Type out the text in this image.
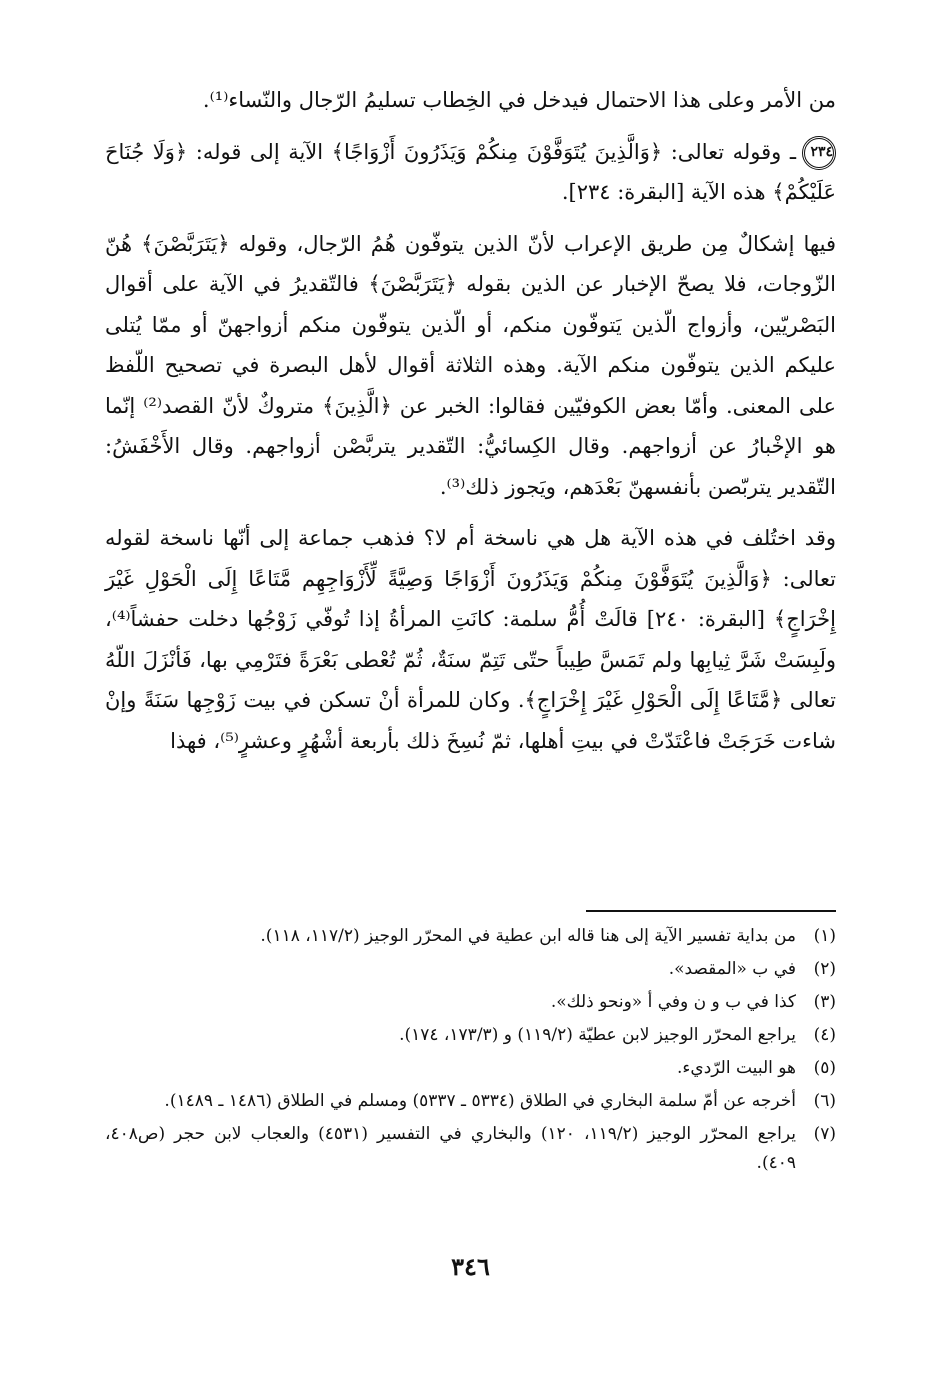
من الأمر وعلى هذا الاحتمال فيدخل في الخِطاب تسليمُ الرّجال والنّساء⁽¹⁾.

٢٣٤ـ وقوله تعالى: ﴿وَالَّذِينَ يُتَوَفَّوْنَ مِنكُمْ وَيَذَرُونَ أَزْوَاجًا﴾ الآية إلى قوله: ﴿وَلَا جُنَاحَ عَلَيْكُمْ﴾ هذه الآية [البقرة: ٢٣٤].

فيها إشكالٌ مِن طريق الإعراب لأنّ الذين يتوفّون هُمُ الرّجال، وقوله ﴿يَتَرَبَّصْنَ﴾ هُنّ الزّوجات، فلا يصحّ الإخبار عن الذين بقوله ﴿يَتَرَبَّصْنَ﴾ فالتّقديرُ في الآية على أقوال البَصْريّين، وأزواج الّذين يَتوفّون منكم، أو الّذين يتوفّون منكم أزواجهنّ أو ممّا يُتلى عليكم الذين يتوفّون منكم الآية. وهذه الثلاثة أقوال لأهل البصرة في تصحيح اللّفظ على المعنى. وأمّا بعض الكوفيّين فقالوا: الخبر عن ﴿الَّذِينَ﴾ متروكٌ لأنّ القصد⁽²⁾ إنّما هو الإخْبارُ عن أزواجهم. وقال الكِسائيُّ: التّقدير يتربَّصْن أزواجهم. وقال الأَخْفَشُ: التّقدير يتربّصن بأنفسهنّ بَعْدَهم، ويَجوز ذلك⁽³⁾.

وقد اختُلف في هذه الآية هل هي ناسخة أم لا؟ فذهب جماعة إلى أنّها ناسخة لقوله تعالى: ﴿وَالَّذِينَ يُتَوَفَّوْنَ مِنكُمْ وَيَذَرُونَ أَزْوَاجًا وَصِيَّةً لِّأَزْوَاجِهِم مَّتَاعًا إِلَى الْحَوْلِ غَيْرَ إِخْرَاجٍ﴾ [البقرة: ٢٤٠] قالَتْ أُمُّ سلمة: كانَتِ المرأةُ إذا تُوفّي زَوْجُها دخلت حفشاً⁽⁴⁾، ولَبِسَتْ شَرَّ ثِيابِها ولم تَمَسَّ طِيباً حتّى تَتِمّ سنَةٌ، ثُمّ تُعْطى بَعْرَةً فتَرْمِي بها، فَأنْزَلَ اللّهُ تعالى ﴿مَّتَاعًا إِلَى الْحَوْلِ غَيْرَ إِخْرَاجٍ﴾. وكان للمرأة أنْ تسكن في بيت زَوْجِها سَنَةً وإنْ شاءت خَرَجَتْ فاعْتَدّتْ في بيتِ أهلها، ثمّ نُسِخَ ذلك بأربعة أشْهُرٍ وعشرٍ⁽⁵⁾، فهذا

(١)
من بداية تفسير الآية إلى هنا قاله ابن عطية في المحرّر الوجيز (١١٧/٢، ١١٨).
(٢)
في ب «المقصد».
(٣)
كذا في ب و ن وفي أ «ونحو ذلك».
(٤)
يراجع المحرّر الوجيز لابن عطيّة (١١٩/٢) و (١٧٣/٣، ١٧٤).
(٥)
هو البيت الرّديء.
(٦)
أخرجه عن أمّ سلمة البخاري في الطلاق (٥٣٣٤ ـ ٥٣٣٧) ومسلم في الطلاق (١٤٨٦ ـ ١٤٨٩).
(٧)
يراجع المحرّر الوجيز (١١٩/٢، ١٢٠) والبخاري في التفسير (٤٥٣١) والعجاب لابن حجر (ص٤٠٨، ٤٠٩).
٣٤٦
